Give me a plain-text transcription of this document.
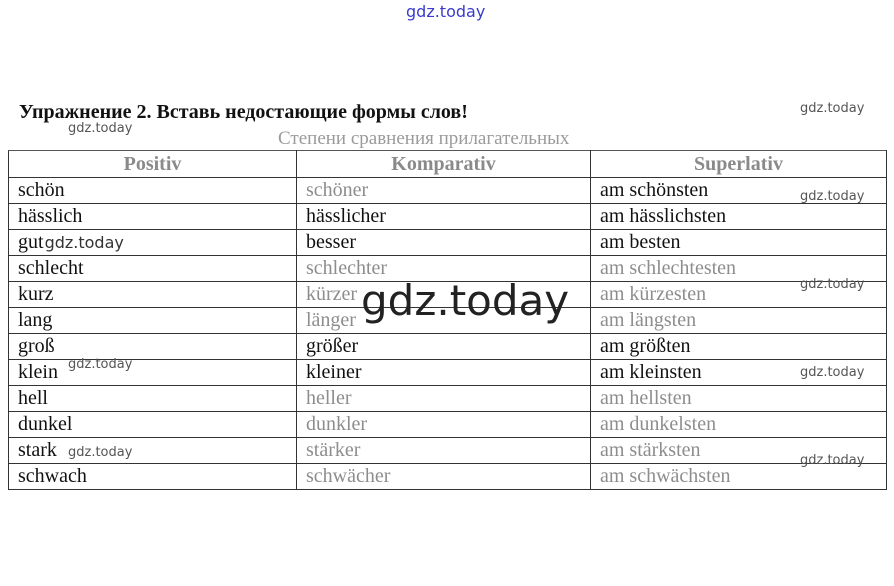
gdz.today
Упражнение 2. Вставь недостающие формы слов!
Степени сравнения прилагательных
Positiv	Komparativ	Superlativ
schön	schöner	am schönsten
hässlich	hässlicher	am hässlichsten
gutgdz.today	besser	am besten
schlecht	schlechter	am schlechtesten
kurz	kürzer	am kürzesten
lang	länger	am längsten
groß	größer	am größten
klein	kleiner	am kleinsten
hell	heller	am hellsten
dunkel	dunkler	am dunkelsten
stark	stärker	am stärksten
schwach	schwächer	am schwächsten
gdz.today
gdz.today
gdz.today
gdz.today
gdz.today
gdz.today
gdz.today
gdz.today
gdz.today
